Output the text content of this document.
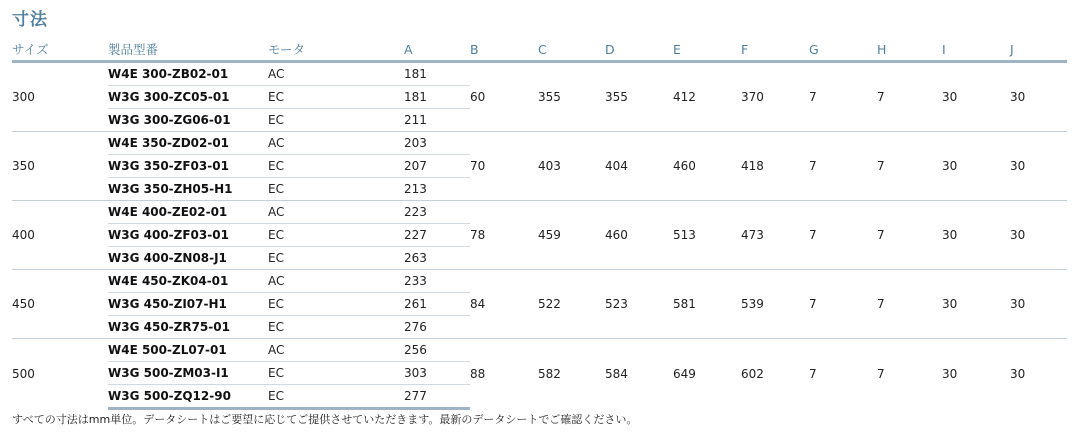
寸法
サイズ	製品型番	モータ	A	B	C	D	E	F	G	H	I	J
300	W4E 300-ZB02-01	AC	181	60	355	355	412	370	7	7	30	30
	W3G 300-ZC05-01	EC	181									
	W3G 300-ZG06-01	EC	211									
350	W4E 350-ZD02-01	AC	203	70	403	404	460	418	7	7	30	30
	W3G 350-ZF03-01	EC	207									
	W3G 350-ZH05-H1	EC	213									
400	W4E 400-ZE02-01	AC	223	78	459	460	513	473	7	7	30	30
	W3G 400-ZF03-01	EC	227									
	W3G 400-ZN08-J1	EC	263									
450	W4E 450-ZK04-01	AC	233	84	522	523	581	539	7	7	30	30
	W3G 450-ZI07-H1	EC	261									
	W3G 450-ZR75-01	EC	276									
500	W4E 500-ZL07-01	AC	256	88	582	584	649	602	7	7	30	30
	W3G 500-ZM03-I1	EC	303									
	W3G 500-ZQ12-90	EC	277									
すべての寸法はmm単位。データシートはご要望に応じてご提供させていただきます。最新のデータシートでご確認ください。
